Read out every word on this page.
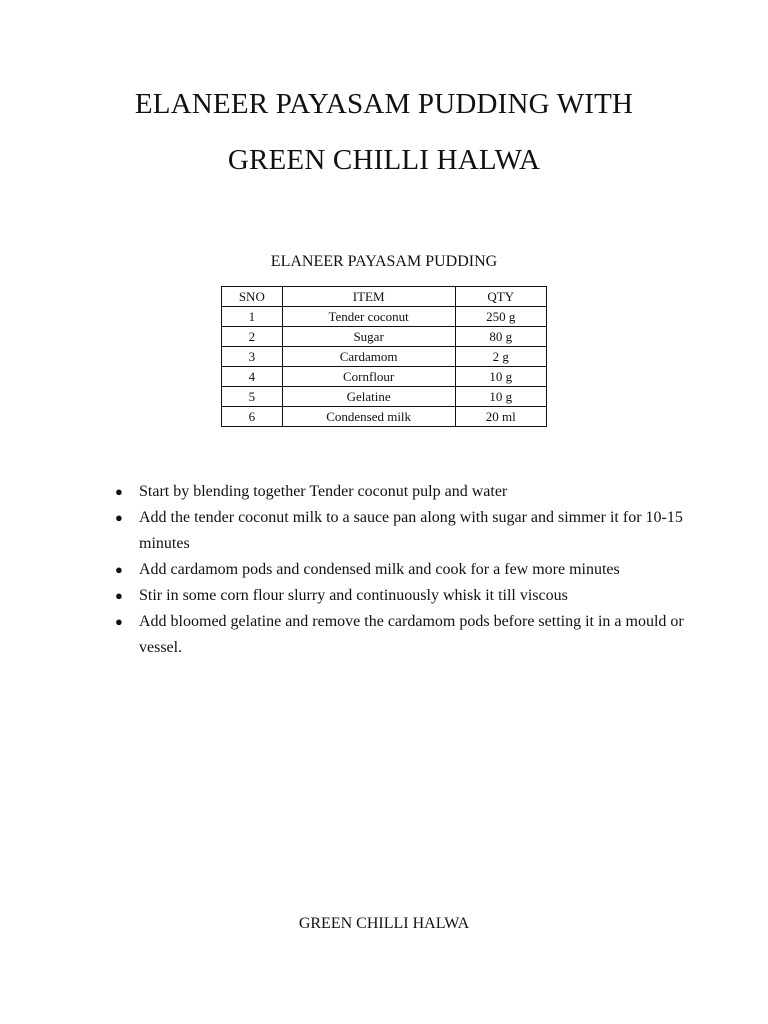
ELANEER PAYASAM PUDDING WITH
GREEN CHILLI HALWA
ELANEER PAYASAM PUDDING
SNO	ITEM	QTY
1	Tender coconut	250 g
2	Sugar	80 g
3	Cardamom	2 g
4	Cornflour	10 g
5	Gelatine	10 g
6	Condensed milk	20 ml
● Start by blending together Tender coconut pulp and water
● Add the tender coconut milk to a sauce pan along with sugar and simmer it for 10-15 minutes
● Add cardamom pods and condensed milk and cook for a few more minutes
● Stir in some corn flour slurry and continuously whisk it till viscous
● Add bloomed gelatine and remove the cardamom pods before setting it in a mould or vessel.
GREEN CHILLI HALWA
